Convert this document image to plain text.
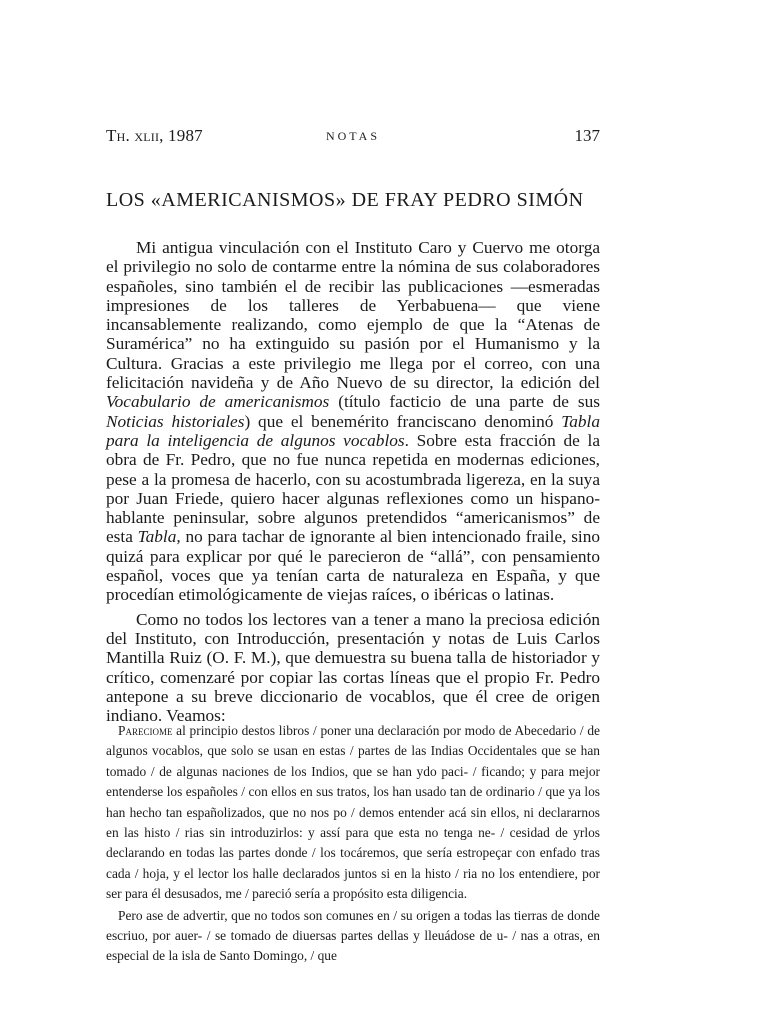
Th. xlii, 1987	NOTAS	137
LOS «AMERICANISMOS» DE FRAY PEDRO SIMÓN

Mi antigua vinculación con el Instituto Caro y Cuervo me otorga el privilegio no solo de contarme entre la nómina de sus colaboradores españoles, sino también el de recibir las publicaciones —esmeradas impresiones de los talleres de Yerbabuena— que viene incansablemente realizando, como ejemplo de que la “Atenas de Suramérica” no ha extinguido su pasión por el Humanismo y la Cultura. Gracias a este privilegio me llega por el correo, con una felicitación navideña y de Año Nuevo de su director, la edición del Vocabulario de americanismos (título facticio de una parte de sus Noticias historiales) que el benemérito franciscano denominó Tabla para la inteligencia de algunos vocablos. Sobre esta fracción de la obra de Fr. Pedro, que no fue nunca repetida en modernas ediciones, pese a la promesa de hacerlo, con su acostumbrada ligereza, en la suya por Juan Friede, quiero hacer algunas reflexiones como un hispano-hablante peninsular, sobre algunos pretendidos “americanismos” de esta Tabla, no para tachar de ignorante al bien intencionado fraile, sino quizá para explicar por qué le parecieron de “allá”, con pensamiento español, voces que ya tenían carta de naturaleza en España, y que procedían etimológicamente de viejas raíces, o ibéricas o latinas.

Como no todos los lectores van a tener a mano la preciosa edición del Instituto, con Introducción, presentación y notas de Luis Carlos Mantilla Ruiz (O. F. M.), que demuestra su buena talla de historiador y crítico, comenzaré por copiar las cortas líneas que el propio Fr. Pedro antepone a su breve diccionario de vocablos, que él cree de origen indiano. Veamos:

Pareciome al principio destos libros / poner una declaración por modo de Abecedario / de algunos vocablos, que solo se usan en estas / partes de las Indias Occidentales que se han tomado / de algunas naciones de los Indios, que se han ydo paci- / ficando; y para mejor entenderse los españoles / con ellos en sus tratos, los han usado tan de ordinario / que ya los han hecho tan españolizados, que no nos po / demos entender acá sin ellos, ni declararnos en las histo / rias sin introduzirlos: y assí para que esta no tenga ne- / cesidad de yrlos declarando en todas las partes donde / los tocáremos, que sería estropeçar con enfado tras cada / hoja, y el lector los halle declarados juntos si en la histo / ria no los entendiere, por ser para él desusados, me / pareció sería a propósito esta diligencia.

Pero ase de advertir, que no todos son comunes en / su origen a todas las tierras de donde escriuo, por auer- / se tomado de diuersas partes dellas y lleuádose de u- / nas a otras, en especial de la isla de Santo Domingo, / que
